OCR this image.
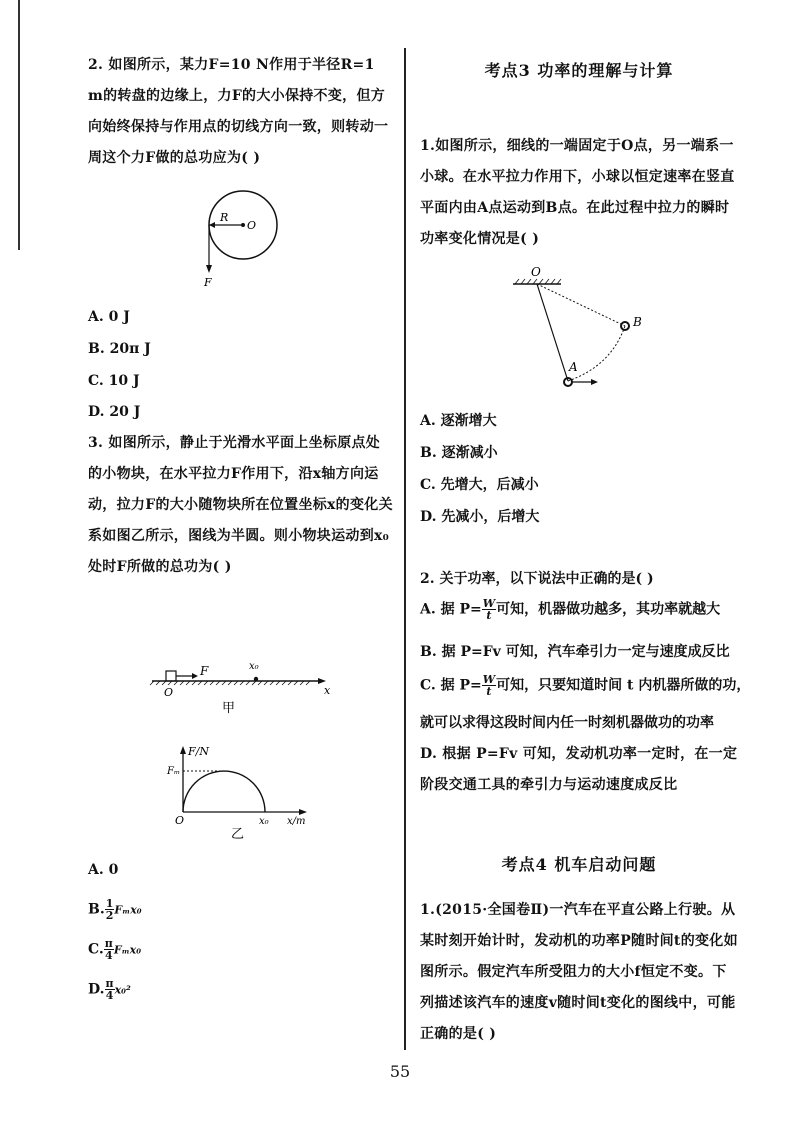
2. 如图所示，某力F=10 N作用于半径R=1 m的转盘的边缘上，力F的大小保持不变，但方向始终保持与作用点的切线方向一致，则转动一周这个力F做的总功应为( )
R
O
F
A. 0 J
B. 20π J
C. 10 J
D. 20 J
3. 如图所示，静止于光滑水平面上坐标原点处的小物块，在水平拉力F作用下，沿x轴方向运动，拉力F的大小随物块所在位置坐标x的变化关系如图乙所示，图线为半圆。则小物块运动到x₀处时F所做的总功为( )
F	x₀
O	x
甲
F/N
Fₘ
O	x₀ x/m
乙
A. 0
B. $\frac{1}{2} F_mx_0$
C. $\frac{\pi}{4} F_mx_0$
D. $\frac{\pi}{4} x_0^2$
考点3 功率的理解与计算
1.如图所示，细线的一端固定于O点，另一端系一小球。在水平拉力作用下，小球以恒定速率在竖直平面内由A点运动到B点。在此过程中拉力的瞬时功率变化情况是( )
O
A
B
A. 逐渐增大
B. 逐渐减小
C. 先增大，后减小
D. 先减小，后增大
2. 关于功率，以下说法中正确的是( )
A. 据 $P= \frac{W}{t}$ 可知，机器做功越多，其功率就越大
B. 据 P=Fv 可知，汽车牵引力一定与速度成反比
C. 据 $P= \frac{W}{t}$ 可知，只要知道时间 t 内机器所做的功，
就可以求得这段时间内任一时刻机器做功的功率
D. 根据 P=Fv 可知，发动机功率一定时，在一定阶段交通工具的牵引力与运动速度成反比
考点4 机车启动问题
1.(2015·全国卷Ⅱ)一汽车在平直公路上行驶。从某时刻开始计时，发动机的功率P随时间t的变化如图所示。假定汽车所受阻力的大小f恒定不变。下列描述该汽车的速度v随时间t变化的图线中，可能正确的是( )
55
